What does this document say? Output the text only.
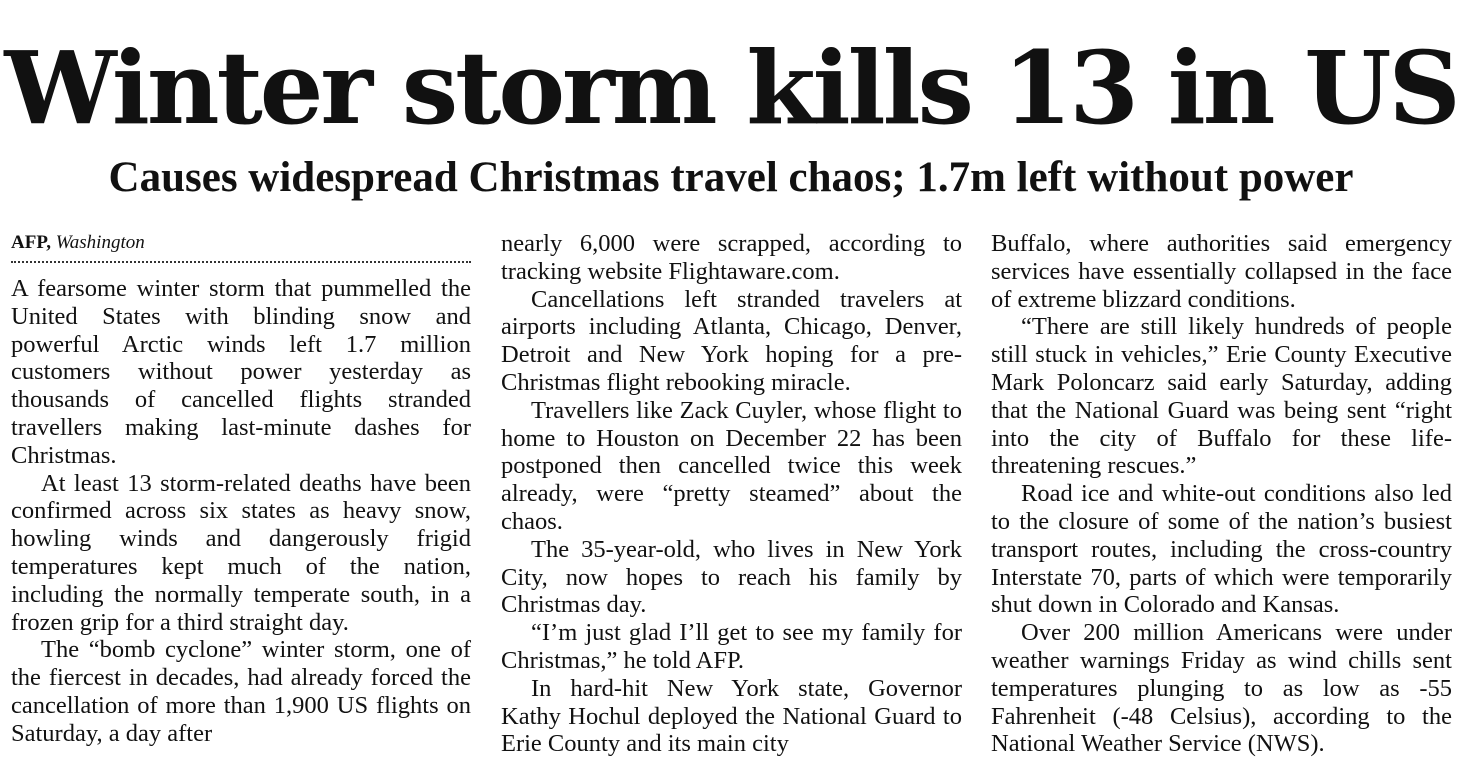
Winter storm kills 13 in US
Causes widespread Christmas travel chaos; 1.7m left without power
AFP, Washington

A fearsome winter storm that pummelled the United States with blinding snow and powerful Arctic winds left 1.7 million customers without power yesterday as thousands of cancelled flights stranded travellers making last-minute dashes for Christmas.

At least 13 storm-related deaths have been confirmed across six states as heavy snow, howling winds and dangerously frigid temperatures kept much of the nation, including the normally temperate south, in a frozen grip for a third straight day.

The “bomb cyclone” winter storm, one of the fiercest in decades, had already forced the cancellation of more than 1,900 US flights on Saturday, a day after

nearly 6,000 were scrapped, according to tracking website Flightaware.com.

Cancellations left stranded travelers at airports including Atlanta, Chicago, Denver, Detroit and New York hoping for a pre-Christmas flight rebooking miracle.

Travellers like Zack Cuyler, whose flight to home to Houston on December 22 has been postponed then cancelled twice this week already, were “pretty steamed” about the chaos.

The 35-year-old, who lives in New York City, now hopes to reach his family by Christmas day.

“I’m just glad I’ll get to see my family for Christmas,” he told AFP.

In hard-hit New York state, Governor Kathy Hochul deployed the National Guard to Erie County and its main city

Buffalo, where authorities said emergency services have essentially collapsed in the face of extreme blizzard conditions.

“There are still likely hundreds of people still stuck in vehicles,” Erie County Executive Mark Poloncarz said early Saturday, adding that the National Guard was being sent “right into the city of Buffalo for these life-threatening rescues.”

Road ice and white-out conditions also led to the closure of some of the nation’s busiest transport routes, including the cross-country Interstate 70, parts of which were temporarily shut down in Colorado and Kansas.

Over 200 million Americans were under weather warnings Friday as wind chills sent temperatures plunging to as low as -55 Fahrenheit (-48 Celsius), according to the National Weather Service (NWS).
